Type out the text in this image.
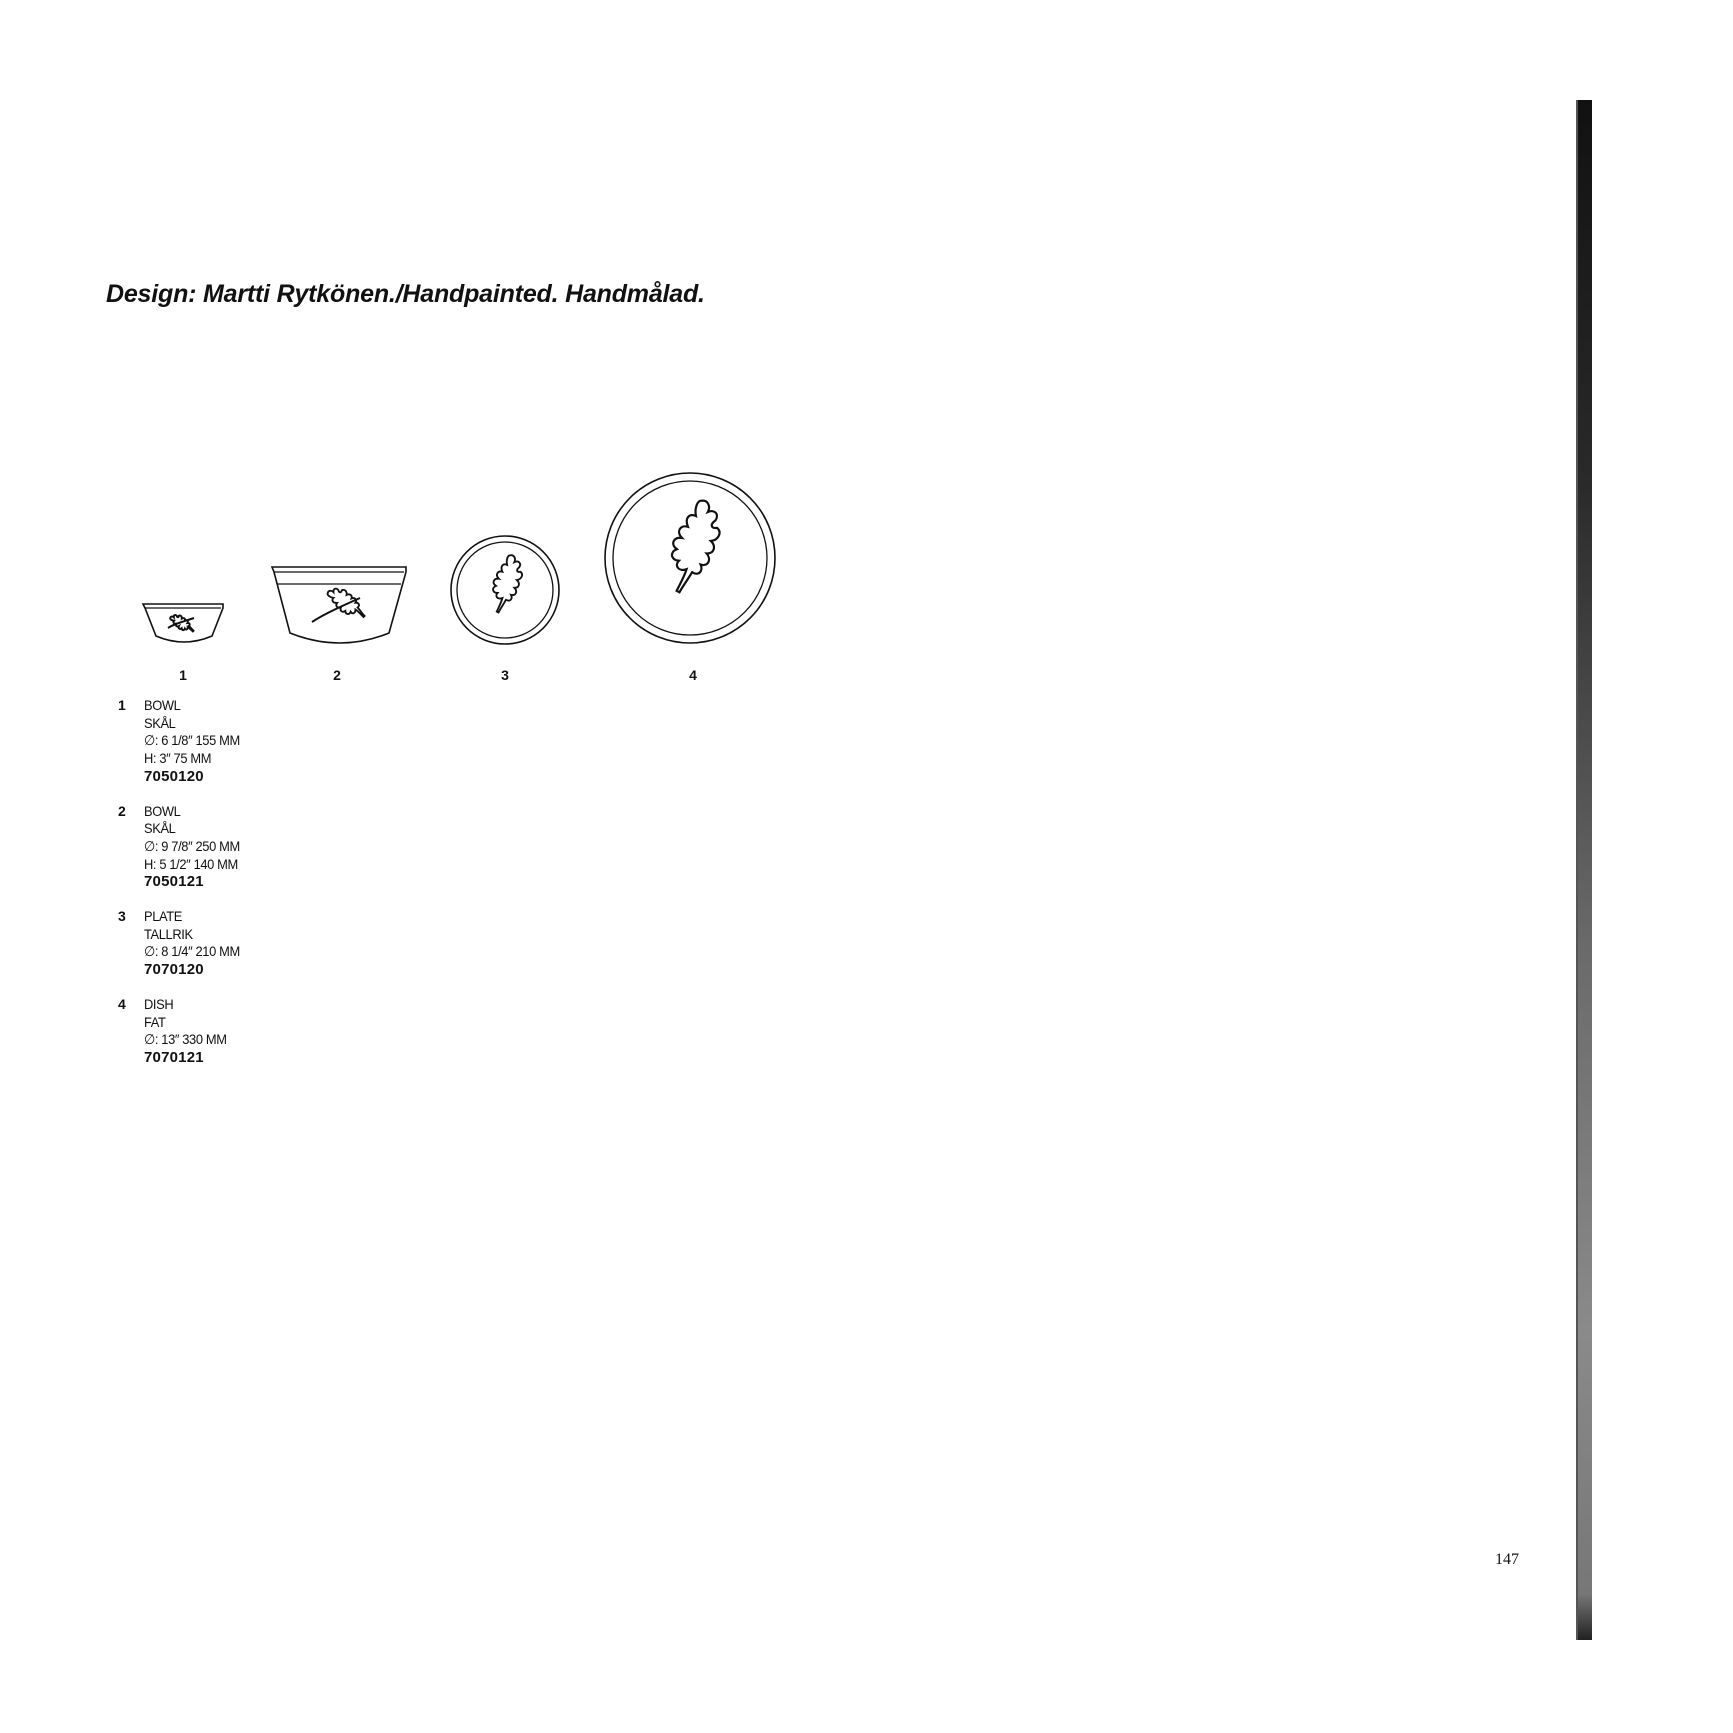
Design: Martti Rytkönen./Handpainted. Handmålad.
1	2	3	4
1 BOWL
SKÅL
∅: 6 1/8″ 155 MM
H: 3″ 75 MM
7050120
2 BOWL
SKÅL
∅: 9 7/8″ 250 MM
H: 5 1/2″ 140 MM
7050121
3 PLATE
TALLRIK
∅: 8 1/4″ 210 MM
7070120
4 DISH
FAT
∅: 13″ 330 MM
7070121
147
